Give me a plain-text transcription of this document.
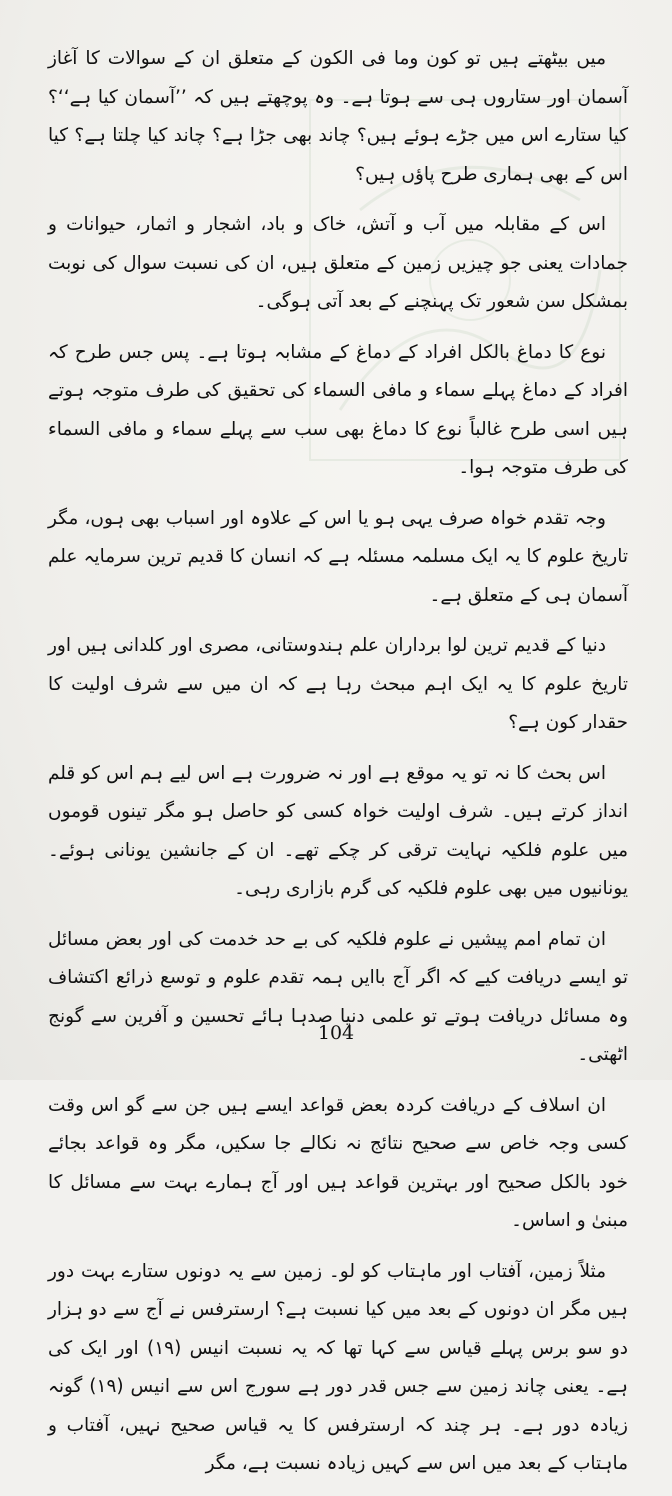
میں بیٹھتے ہیں تو کون وما فی الکون کے متعلق ان کے سوالات کا آغاز آسمان اور ستاروں ہی سے ہوتا ہے۔ وہ پوچھتے ہیں کہ ’’آسمان کیا ہے‘‘؟ کیا ستارے اس میں جڑے ہوئے ہیں؟ چاند بھی جڑا ہے؟ چاند کیا چلتا ہے؟ کیا اس کے بھی ہماری طرح پاؤں ہیں؟

اس کے مقابلہ میں آب و آتش، خاک و باد، اشجار و اثمار، حیوانات و جمادات یعنی جو چیزیں زمین کے متعلق ہیں، ان کی نسبت سوال کی نوبت بمشکل سن شعور تک پہنچنے کے بعد آتی ہوگی۔

نوع کا دماغ بالکل افراد کے دماغ کے مشابہ ہوتا ہے۔ پس جس طرح کہ افراد کے دماغ پہلے سماء و مافی السماء کی تحقیق کی طرف متوجہ ہوتے ہیں اسی طرح غالباً نوع کا دماغ بھی سب سے پہلے سماء و مافی السماء کی طرف متوجہ ہوا۔

وجہ تقدم خواہ صرف یہی ہو یا اس کے علاوہ اور اسباب بھی ہوں، مگر تاریخ علوم کا یہ ایک مسلمہ مسئلہ ہے کہ انسان کا قدیم ترین سرمایہ علم آسمان ہی کے متعلق ہے۔

دنیا کے قدیم ترین لوا برداران علم ہندوستانی، مصری اور کلدانی ہیں اور تاریخ علوم کا یہ ایک اہم مبحث رہا ہے کہ ان میں سے شرف اولیت کا حقدار کون ہے؟

اس بحث کا نہ تو یہ موقع ہے اور نہ ضرورت ہے اس لیے ہم اس کو قلم انداز کرتے ہیں۔ شرف اولیت خواہ کسی کو حاصل ہو مگر تینوں قوموں میں علوم فلکیہ نہایت ترقی کر چکے تھے۔ ان کے جانشین یونانی ہوئے۔ یونانیوں میں بھی علوم فلکیہ کی گرم بازاری رہی۔

ان تمام امم پیشیں نے علوم فلکیہ کی بے حد خدمت کی اور بعض مسائل تو ایسے دریافت کیے کہ اگر آج باایں ہمہ تقدم علوم و توسع ذرائع اکتشاف وہ مسائل دریافت ہوتے تو علمی دنیا صدہا ہائے تحسین و آفرین سے گونج اٹھتی۔

ان اسلاف کے دریافت کردہ بعض قواعد ایسے ہیں جن سے گو اس وقت کسی وجہ خاص سے صحیح نتائج نہ نکالے جا سکیں، مگر وہ قواعد بجائے خود بالکل صحیح اور بہترین قواعد ہیں اور آج ہمارے بہت سے مسائل کا مبنیٰ و اساس۔

مثلاً زمین، آفتاب اور ماہتاب کو لو۔ زمین سے یہ دونوں ستارے بہت دور ہیں مگر ان دونوں کے بعد میں کیا نسبت ہے؟ ارسترفس نے آج سے دو ہزار دو سو برس پہلے قیاس سے کہا تھا کہ یہ نسبت انیس (۱۹) اور ایک کی ہے۔ یعنی چاند زمین سے جس قدر دور ہے سورج اس سے انیس (۱۹) گونہ زیادہ دور ہے۔ ہر چند کہ ارسترفس کا یہ قیاس صحیح نہیں، آفتاب و ماہتاب کے بعد میں اس سے کہیں زیادہ نسبت ہے، مگر

104
